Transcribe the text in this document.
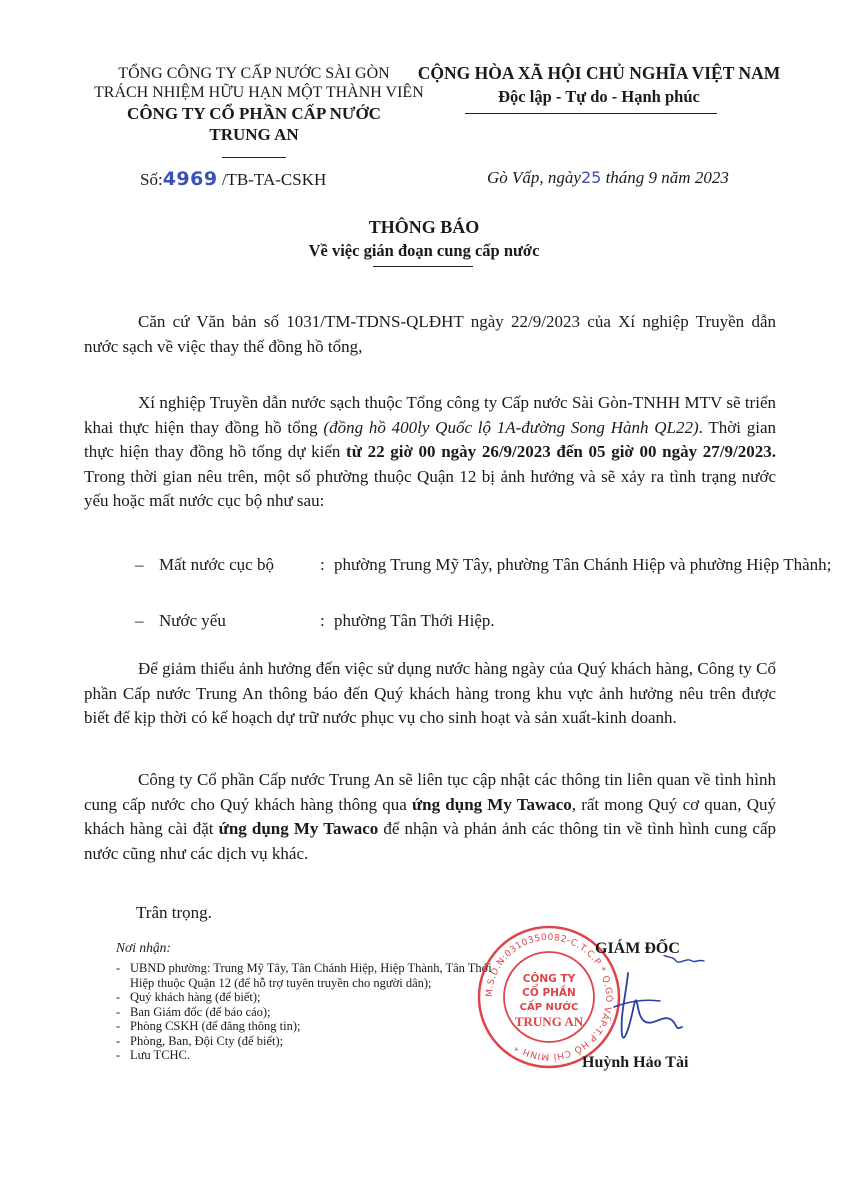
TỔNG CÔNG TY CẤP NƯỚC SÀI GÒN
TRÁCH NHIỆM HỮU HẠN MỘT THÀNH VIÊN
CÔNG TY CỔ PHẦN CẤP NƯỚC
TRUNG AN
CỘNG HÒA XÃ HỘI CHỦ NGHĨA VIỆT NAM
Độc lập - Tự do - Hạnh phúc
Số:4969 /TB-TA-CSKH	Gò Vấp, ngày25 tháng 9 năm 2023
THÔNG BÁO
Về việc gián đoạn cung cấp nước

Căn cứ Văn bản số 1031/TM-TDNS-QLĐHT ngày 22/9/2023 của Xí nghiệp Truyền dẫn nước sạch về việc thay thế đồng hồ tổng,

Xí nghiệp Truyền dẫn nước sạch thuộc Tổng công ty Cấp nước Sài Gòn-TNHH MTV sẽ triển khai thực hiện thay đồng hồ tổng (đồng hồ 400ly Quốc lộ 1A-đường Song Hành QL22). Thời gian thực hiện thay đồng hồ tổng dự kiến từ 22 giờ 00 ngày 26/9/2023 đến 05 giờ 00 ngày 27/9/2023. Trong thời gian nêu trên, một số phường thuộc Quận 12 bị ảnh hưởng và sẽ xảy ra tình trạng nước yếu hoặc mất nước cục bộ như sau:

– Mất nước cục bộ	: phường Trung Mỹ Tây, phường Tân Chánh Hiệp và phường Hiệp Thành;
– Nước yếu	: phường Tân Thới Hiệp.

Để giảm thiểu ảnh hưởng đến việc sử dụng nước hàng ngày của Quý khách hàng, Công ty Cổ phần Cấp nước Trung An thông báo đến Quý khách hàng trong khu vực ảnh hưởng nêu trên được biết để kịp thời có kế hoạch dự trữ nước phục vụ cho sinh hoạt và sản xuất-kinh doanh.

Công ty Cổ phần Cấp nước Trung An sẽ liên tục cập nhật các thông tin liên quan về tình hình cung cấp nước cho Quý khách hàng thông qua ứng dụng My Tawaco, rất mong Quý cơ quan, Quý khách hàng cài đặt ứng dụng My Tawaco để nhận và phản ảnh các thông tin về tình hình cung cấp nước cũng như các dịch vụ khác.

Trân trọng.
Nơi nhận:
- UBND phường: Trung Mỹ Tây, Tân Chánh Hiệp, Hiệp Thành, Tân Thới Hiệp thuộc Quận 12 (để hỗ trợ tuyên truyền cho người dân);
- Quý khách hàng (để biết);
- Ban Giám đốc (để báo cáo);
- Phòng CSKH (để đăng thông tin);
- Phòng, Ban, Đội Cty (để biết);
- Lưu TCHC.
M.S.D.N:0310350082-C.T.C.P * Q.GÒ VẤP-T.P HỒ CHÍ MINH *
CÔNG TY
CỔ PHẦN
CẤP NƯỚC
TRUNG AN
GIÁM ĐỐC
Huỳnh Hảo Tài
